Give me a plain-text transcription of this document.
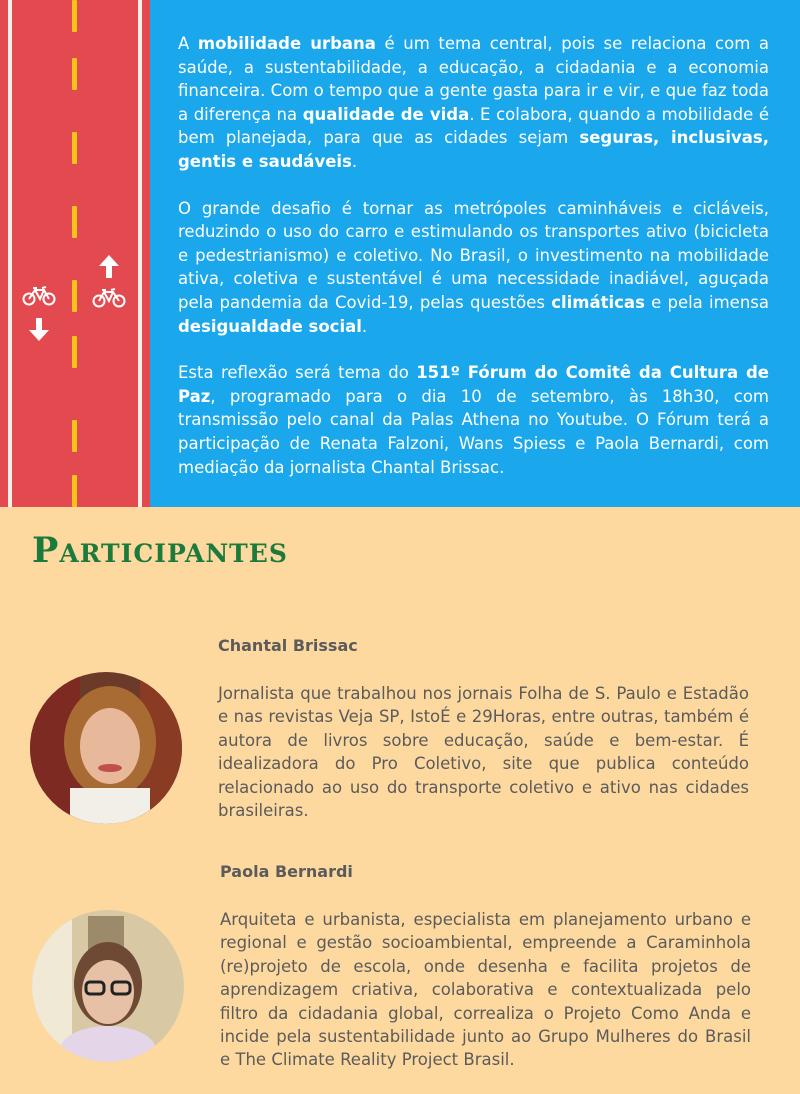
A mobilidade urbana é um tema central, pois se relaciona com a saúde, a sustentabilidade, a educação, a cidadania e a economia financeira. Com o tempo que a gente gasta para ir e vir, e que faz toda a diferença na qualidade de vida. E colabora, quando a mobilidade é bem planejada, para que as cidades sejam seguras, inclusivas, gentis e saudáveis.

O grande desafio é tornar as metrópoles caminháveis e cicláveis, reduzindo o uso do carro e estimulando os transportes ativo (bicicleta e pedestrianismo) e coletivo. No Brasil, o investimento na mobilidade ativa, coletiva e sustentável é uma necessidade inadiável, aguçada pela pandemia da Covid-19, pelas questões climáticas e pela imensa desigualdade social.

Esta reflexão será tema do 151º Fórum do Comitê da Cultura de Paz, programado para o dia 10 de setembro, às 18h30, com transmissão pelo canal da Palas Athena no Youtube. O Fórum terá a participação de Renata Falzoni, Wans Spiess e Paola Bernardi, com mediação da jornalista Chantal Brissac.

Participantes
Chantal Brissac

Jornalista que trabalhou nos jornais Folha de S. Paulo e Estadão e nas revistas Veja SP, IstoÉ e 29Horas, entre outras, também é autora de livros sobre educação, saúde e bem-estar. É idealizadora do Pro Coletivo, site que publica conteúdo relacionado ao uso do transporte coletivo e ativo nas cidades brasileiras.

Paola Bernardi

Arquiteta e urbanista, especialista em planejamento urbano e regional e gestão socioambiental, empreende a Caraminhola (re)projeto de escola, onde desenha e facilita projetos de aprendizagem criativa, colaborativa e contextualizada pelo filtro da cidadania global, correaliza o Projeto Como Anda e incide pela sustentabilidade junto ao Grupo Mulheres do Brasil e The Climate Reality Project Brasil.
